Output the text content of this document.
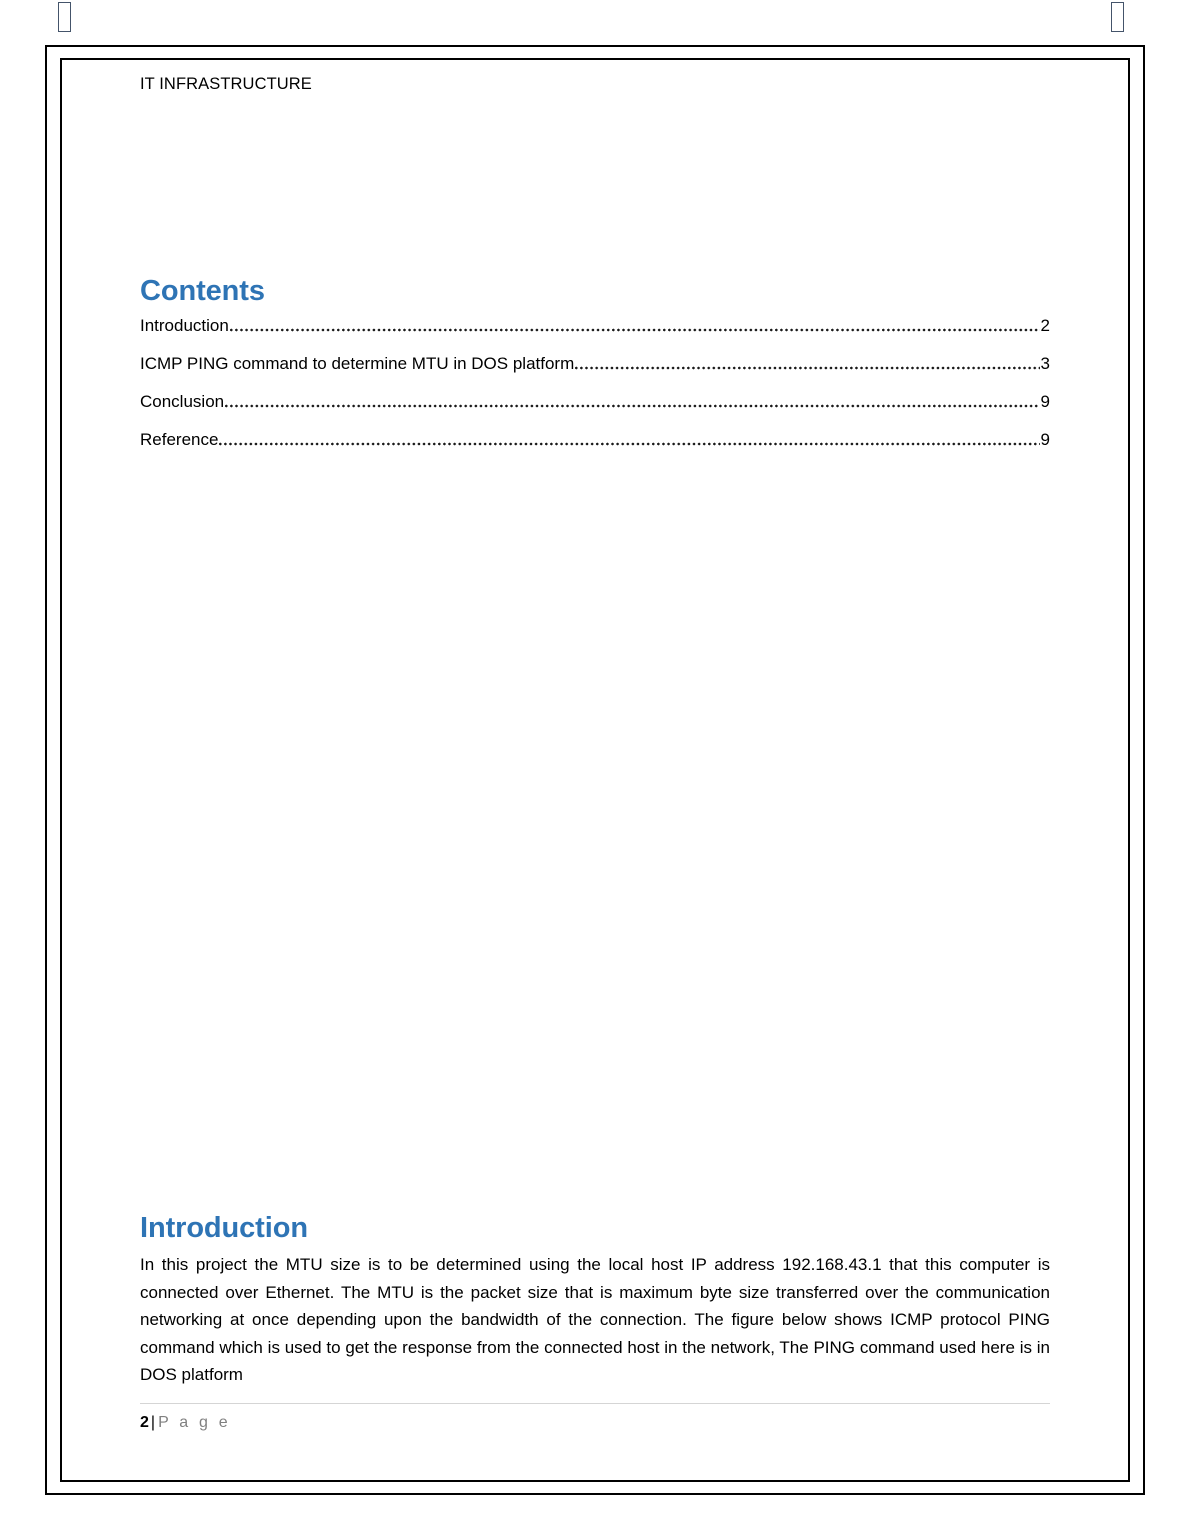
IT INFRASTRUCTURE
Contents
Introduction	2
ICMP PING command to determine MTU in DOS platform	3
Conclusion	9
Reference	9
Introduction

In this project the MTU size is to be determined using the local host IP address 192.168.43.1 that this computer is connected over Ethernet. The MTU is the packet size that is maximum byte size transferred over the communication networking at once depending upon the bandwidth of the connection. The figure below shows ICMP protocol PING command which is used to get the response from the connected host in the network, The PING command used here is in DOS platform

2 | P a g e
